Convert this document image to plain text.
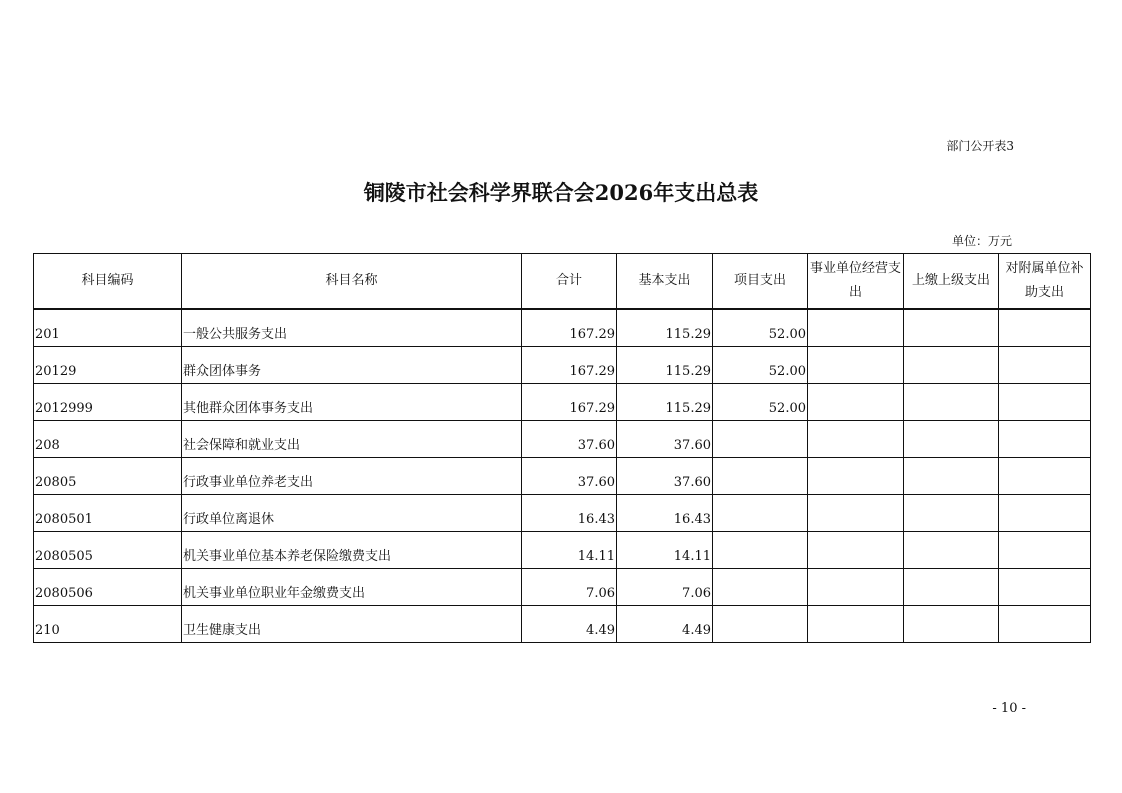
部门公开表3
铜陵市社会科学界联合会2026年支出总表
单位：万元
科目编码	科目名称	合计	基本支出	项目支出	事业单位经营支出	上缴上级支出	对附属单位补助支出
201	一般公共服务支出	167.29	115.29	52.00			
20129	群众团体事务	167.29	115.29	52.00			
2012999	其他群众团体事务支出	167.29	115.29	52.00			
208	社会保障和就业支出	37.60	37.60				
20805	行政事业单位养老支出	37.60	37.60				
2080501	行政单位离退休	16.43	16.43				
2080505	机关事业单位基本养老保险缴费支出	14.11	14.11				
2080506	机关事业单位职业年金缴费支出	7.06	7.06				
210	卫生健康支出	4.49	4.49				
- 10 -
